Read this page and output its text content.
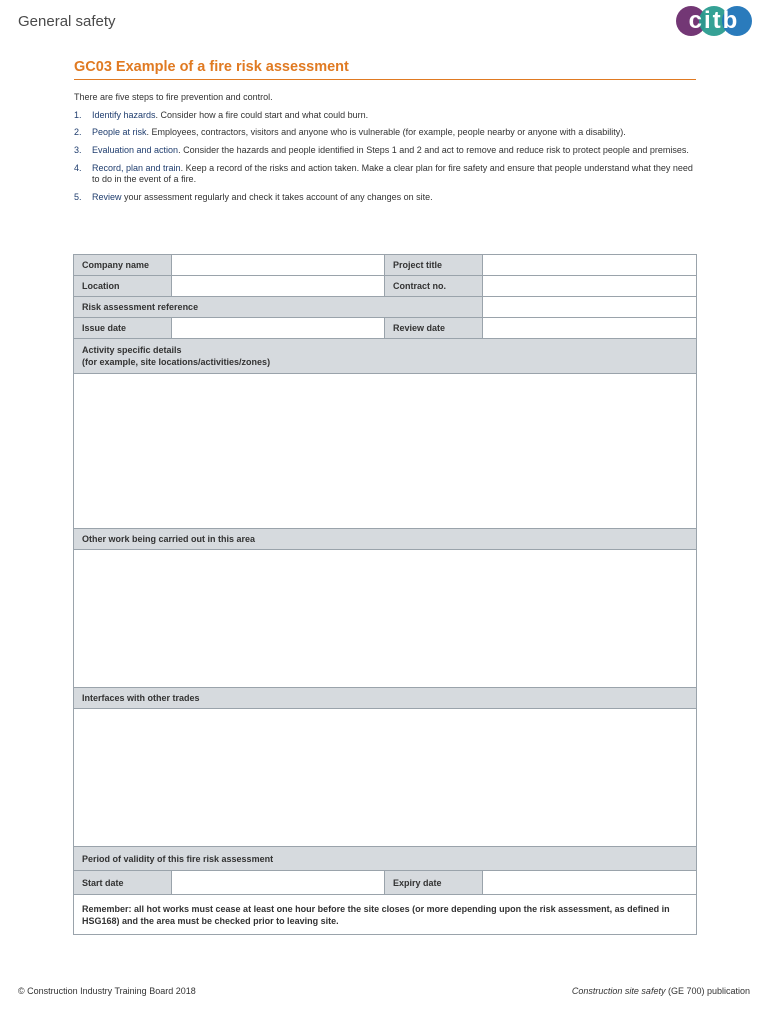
General safety	citb
GC03 Example of a fire risk assessment
There are five steps to fire prevention and control.
1. Identify hazards. Consider how a fire could start and what could burn.
2. People at risk. Employees, contractors, visitors and anyone who is vulnerable (for example, people nearby or anyone with a disability).
3. Evaluation and action. Consider the hazards and people identified in Steps 1 and 2 and act to remove and reduce risk to protect people and premises.
4. Record, plan and train. Keep a record of the risks and action taken. Make a clear plan for fire safety and ensure that people understand what they need to do in the event of a fire.
5. Review your assessment regularly and check it takes account of any changes on site.
Company name		Project title	
Location		Contract no.	
Risk assessment reference			
Issue date		Review date	

Activity specific details
(for example, site locations/activities/zones)			

Other work being carried out in this area			

Interfaces with other trades			

Period of validity of this fire risk assessment			
Start date		Expiry date	
Remember: all hot works must cease at least one hour before the site closes (or more depending upon the risk assessment, as defined in HSG168) and the area must be checked prior to leaving site.			
© Construction Industry Training Board 2018	Construction site safety (GE 700) publication
